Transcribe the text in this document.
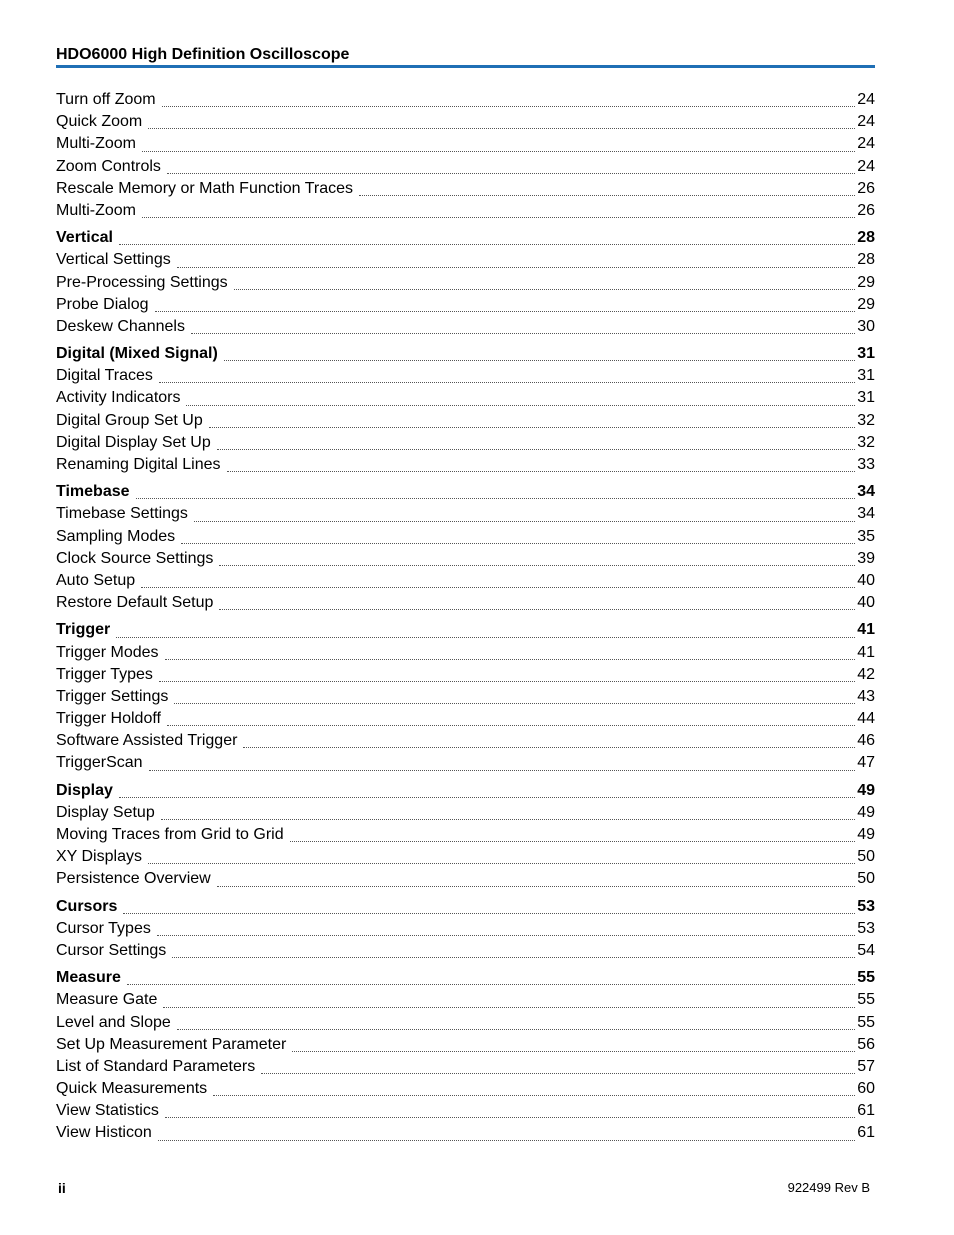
HDO6000 High Definition Oscilloscope
Turn off Zoom	24
Quick Zoom	24
Multi-Zoom	24
Zoom Controls	24
Rescale Memory or Math Function Traces	26
Multi-Zoom	26
Vertical	28
Vertical Settings	28
Pre-Processing Settings	29
Probe Dialog	29
Deskew Channels	30
Digital (Mixed Signal)	31
Digital Traces	31
Activity Indicators	31
Digital Group Set Up	32
Digital Display Set Up	32
Renaming Digital Lines	33
Timebase	34
Timebase Settings	34
Sampling Modes	35
Clock Source Settings	39
Auto Setup	40
Restore Default Setup	40
Trigger	41
Trigger Modes	41
Trigger Types	42
Trigger Settings	43
Trigger Holdoff	44
Software Assisted Trigger	46
TriggerScan	47
Display	49
Display Setup	49
Moving Traces from Grid to Grid	49
XY Displays	50
Persistence Overview	50
Cursors	53
Cursor Types	53
Cursor Settings	54
Measure	55
Measure Gate	55
Level and Slope	55
Set Up Measurement Parameter	56
List of Standard Parameters	57
Quick Measurements	60
View Statistics	61
View Histicon	61
ii	922499 Rev B
